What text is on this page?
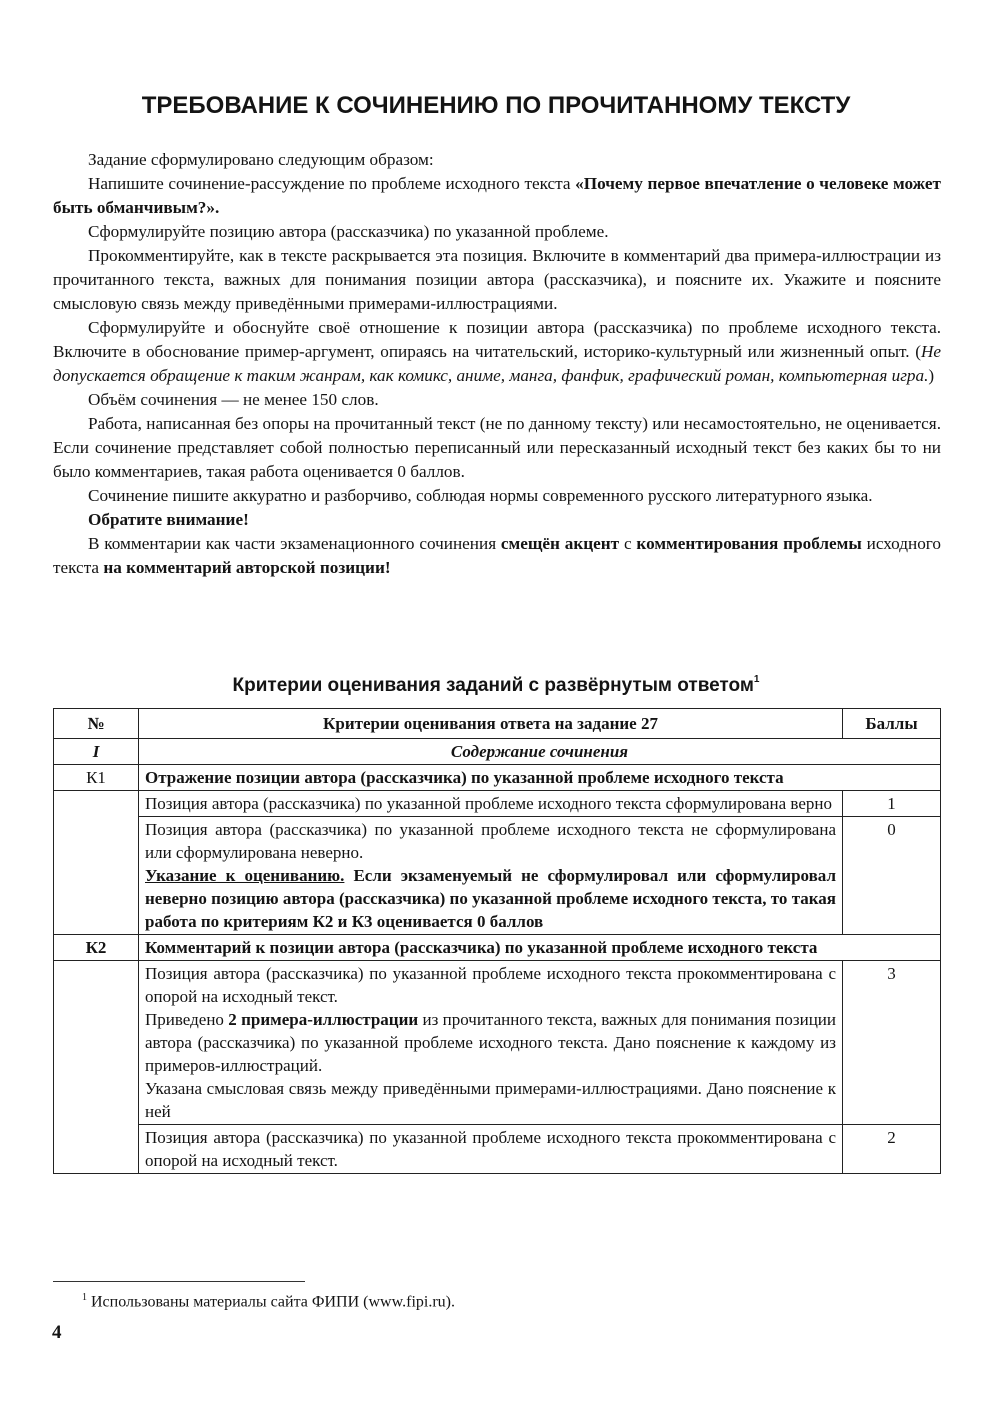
ТРЕБОВАНИЕ К СОЧИНЕНИЮ ПО ПРОЧИТАННОМУ ТЕКСТУ

Задание сформулировано следующим образом:

Напишите сочинение-рассуждение по проблеме исходного текста «Почему первое впечатление о человеке может быть обманчивым?».

Сформулируйте позицию автора (рассказчика) по указанной проблеме.

Прокомментируйте, как в тексте раскрывается эта позиция. Включите в комментарий два примера-иллюстрации из прочитанного текста, важных для понимания позиции автора (рассказчика), и поясните их. Укажите и поясните смысловую связь между приведёнными примерами-иллюстрациями.

Сформулируйте и обоснуйте своё отношение к позиции автора (рассказчика) по проблеме исходного текста. Включите в обоснование пример-аргумент, опираясь на читательский, историко-культурный или жизненный опыт. (Не допускается обращение к таким жанрам, как комикс, аниме, манга, фанфик, графический роман, компьютерная игра.)

Объём сочинения — не менее 150 слов.

Работа, написанная без опоры на прочитанный текст (не по данному тексту) или несамостоятельно, не оценивается. Если сочинение представляет собой полностью переписанный или пересказанный исходный текст без каких бы то ни было комментариев, такая работа оценивается 0 баллов.

Сочинение пишите аккуратно и разборчиво, соблюдая нормы современного русского литературного языка.

Обратите внимание!

В комментарии как части экзаменационного сочинения смещён акцент с комментирования проблемы исходного текста на комментарий авторской позиции!

Критерии оценивания заданий с развёрнутым ответом$^1$
№	Критерии оценивания ответа на задание 27	Баллы
I	Содержание сочинения	
К1	Отражение позиции автора (рассказчика) по указанной проблеме исходного текста	
	Позиция автора (рассказчика) по указанной проблеме исходного текста сформулирована верно	1
	Позиция автора (рассказчика) по указанной проблеме исходного текста не сформулирована или сформулирована неверно.
Указание к оцениванию. Если экзаменуемый не сформулировал или сформулировал неверно позицию автора (рассказчика) по указанной проблеме исходного текста, то такая работа по критериям К2 и К3 оценивается 0 баллов	0
К2	Комментарий к позиции автора (рассказчика) по указанной проблеме исходного текста	
	Позиция автора (рассказчика) по указанной проблеме исходного текста прокомментирована с опорой на исходный текст.
Приведено 2 примера-иллюстрации из прочитанного текста, важных для понимания позиции автора (рассказчика) по указанной проблеме исходного текста. Дано пояснение к каждому из примеров-иллюстраций.
Указана смысловая связь между приведёнными примерами-иллюстрациями. Дано пояснение к ней	3
	Позиция автора (рассказчика) по указанной проблеме исходного текста прокомментирована с опорой на исходный текст.	2
$^1$ Использованы материалы сайта ФИПИ (www.fipi.ru).
4
